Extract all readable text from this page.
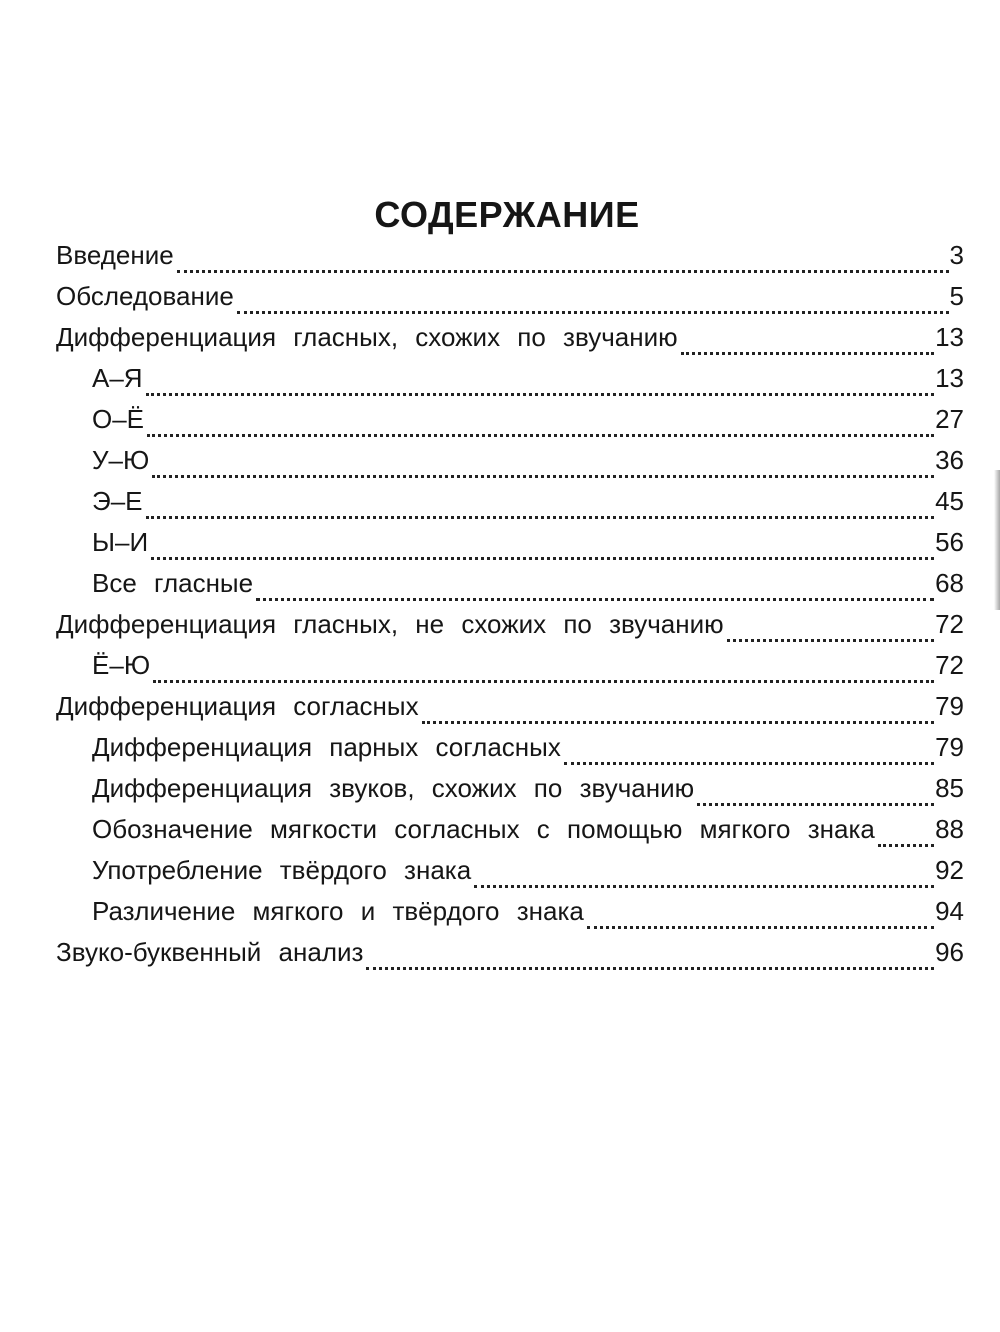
СОДЕРЖАНИЕ
Введение	3
Обследование	5
Дифференциация гласных, схожих по звучанию	13
А–Я	13
О–Ё	27
У–Ю	36
Э–Е	45
Ы–И	56
Все гласные	68
Дифференциация гласных, не схожих по звучанию	72
Ё–Ю	72
Дифференциация согласных	79
Дифференциация парных согласных	79
Дифференциация звуков, схожих по звучанию	85
Обозначение мягкости согласных с помощью мягкого знака 88
Употребление твёрдого знака	92
Различение мягкого и твёрдого знака	94
Звуко-буквенный анализ	96
